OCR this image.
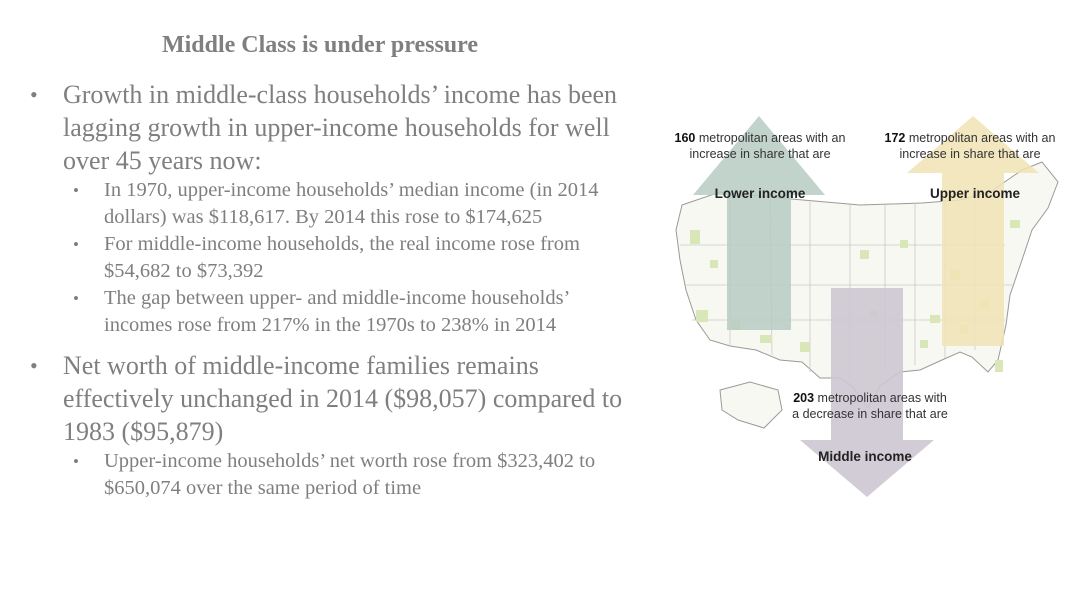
Middle Class is under pressure
• Growth in middle-class households’ income has been lagging growth in upper-income households for well over 45 years now:
• In 1970, upper-income households’ median income (in 2014 dollars) was $118,617. By 2014 this rose to $174,625
• For middle-income households, the real income rose from $54,682 to $73,392
• The gap between upper- and middle-income households’ incomes rose from 217% in the 1970s to 238% in 2014
• Net worth of middle-income families remains effectively unchanged in 2014 ($98,057) compared to 1983 ($95,879)
• Upper-income households’ net worth rose from $323,402 to $650,074 over the same period of time
160 metropolitan areas with an
increase in share that are
Lower income
172 metropolitan areas with an
increase in share that are
Upper income
203 metropolitan areas with
a decrease in share that are
Middle income
